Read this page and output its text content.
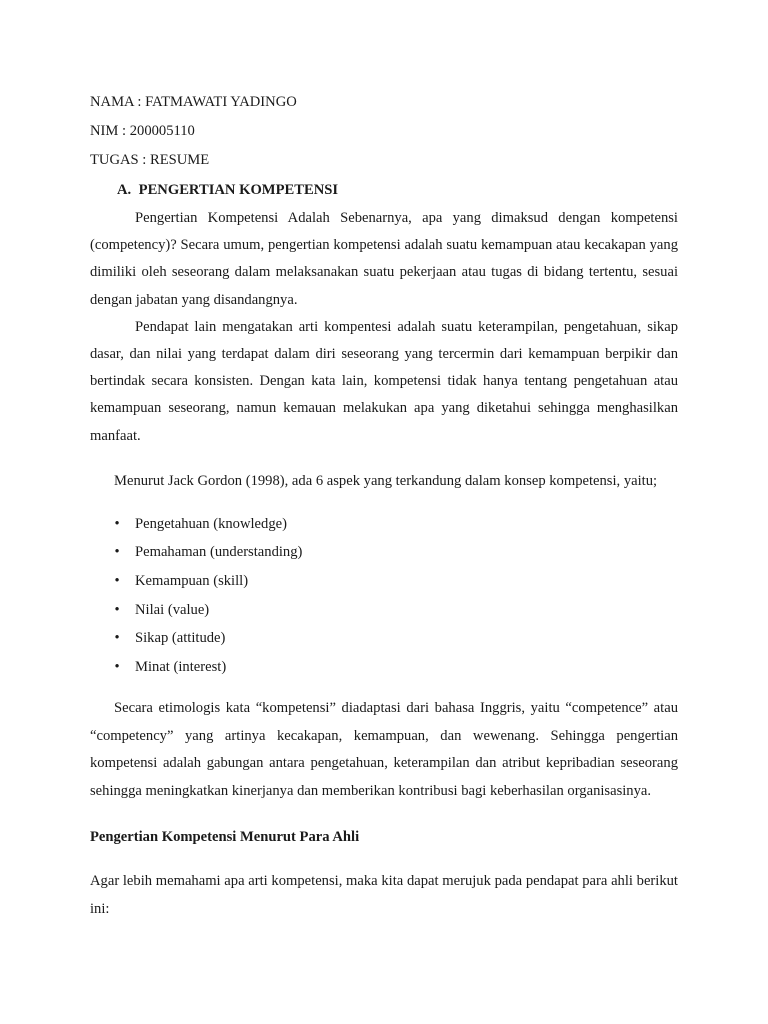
NAMA : FATMAWATI YADINGO
NIM : 200005110
TUGAS : RESUME
A. PENGERTIAN KOMPETENSI

Pengertian Kompetensi Adalah Sebenarnya, apa yang dimaksud dengan kompetensi (competency)? Secara umum, pengertian kompetensi adalah suatu kemampuan atau kecakapan yang dimiliki oleh seseorang dalam melaksanakan suatu pekerjaan atau tugas di bidang tertentu, sesuai dengan jabatan yang disandangnya.

Pendapat lain mengatakan arti kompentesi adalah suatu keterampilan, pengetahuan, sikap dasar, dan nilai yang terdapat dalam diri seseorang yang tercermin dari kemampuan berpikir dan bertindak secara konsisten. Dengan kata lain, kompetensi tidak hanya tentang pengetahuan atau kemampuan seseorang, namun kemauan melakukan apa yang diketahui sehingga menghasilkan manfaat.

Menurut Jack Gordon (1998), ada 6 aspek yang terkandung dalam konsep kompetensi, yaitu;
• Pengetahuan (knowledge)
• Pemahaman (understanding)
• Kemampuan (skill)
• Nilai (value)
• Sikap (attitude)
• Minat (interest)

Secara etimologis kata “kompetensi” diadaptasi dari bahasa Inggris, yaitu “competence” atau “competency” yang artinya kecakapan, kemampuan, dan wewenang. Sehingga pengertian kompetensi adalah gabungan antara pengetahuan, keterampilan dan atribut kepribadian seseorang sehingga meningkatkan kinerjanya dan memberikan kontribusi bagi keberhasilan organisasinya.

Pengertian Kompetensi Menurut Para Ahli

Agar lebih memahami apa arti kompetensi, maka kita dapat merujuk pada pendapat para ahli berikut ini:
